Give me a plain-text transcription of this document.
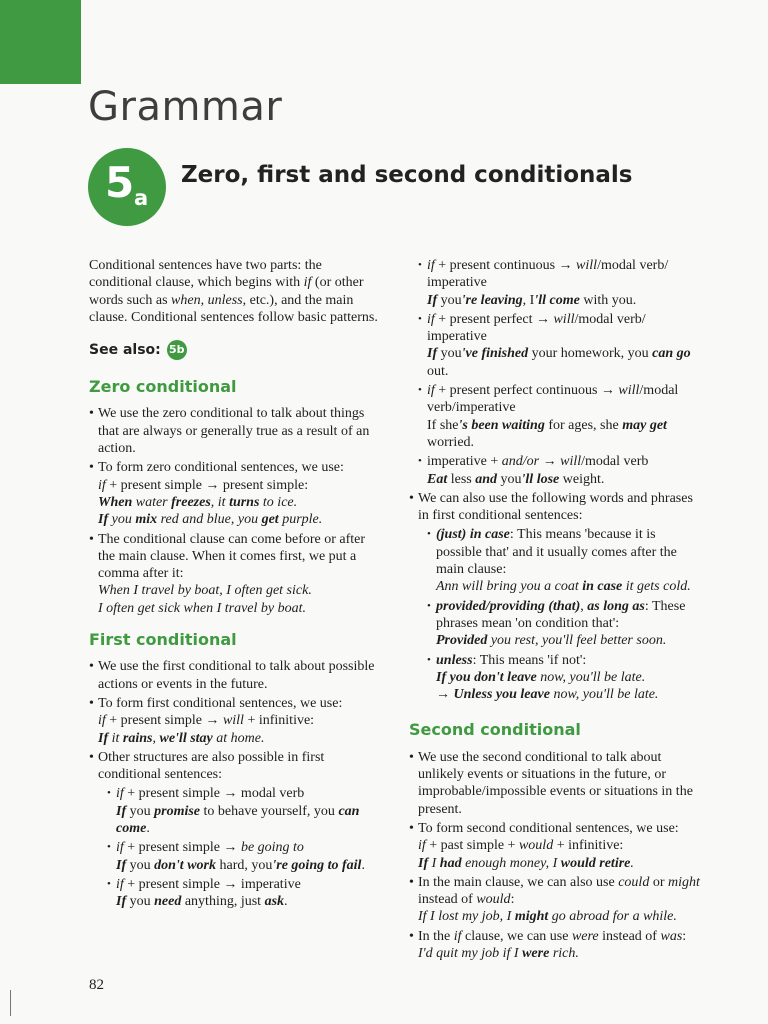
Grammar
5 a
Zero, first and second conditionals

Conditional sentences have two parts: the conditional clause, which begins with if (or other words such as when, unless, etc.), and the main clause. Conditional sentences follow basic patterns.

See also: 5b
Zero conditional
• We use the zero conditional to talk about things that are always or generally true as a result of an action.
• To form zero conditional sentences, we use:
if + present simple → present simple:
When water freezes, it turns to ice.
If you mix red and blue, you get purple.
• The conditional clause can come before or after the main clause. When it comes first, we put a comma after it:
When I travel by boat, I often get sick.
I often get sick when I travel by boat.
First conditional
• We use the first conditional to talk about possible actions or events in the future.
• To form first conditional sentences, we use:
if + present simple → will + infinitive:
If it rains, we'll stay at home.
• Other structures are also possible in first conditional sentences:
• if + present simple → modal verb
If you promise to behave yourself, you can come.
• if + present simple → be going to
If you don't work hard, you're going to fail.
• if + present simple → imperative
If you need anything, just ask.
• if + present continuous → will/modal verb/ imperative
If you're leaving, I'll come with you.
• if + present perfect → will/modal verb/ imperative
If you've finished your homework, you can go out.
• if + present perfect continuous → will/modal verb/imperative
If she's been waiting for ages, she may get worried.
• imperative + and/or → will/modal verb
Eat less and you'll lose weight.
• We can also use the following words and phrases in first conditional sentences:
• (just) in case: This means 'because it is possible that' and it usually comes after the main clause:
Ann will bring you a coat in case it gets cold.
• provided/providing (that), as long as: These phrases mean 'on condition that':
Provided you rest, you'll feel better soon.
• unless: This means 'if not':
If you don't leave now, you'll be late.
→ Unless you leave now, you'll be late.
Second conditional
• We use the second conditional to talk about unlikely events or situations in the future, or improbable/impossible events or situations in the present.
• To form second conditional sentences, we use:
if + past simple + would + infinitive:
If I had enough money, I would retire.
• In the main clause, we can also use could or might instead of would:
If I lost my job, I might go abroad for a while.
• In the if clause, we can use were instead of was:
I'd quit my job if I were rich.
82
